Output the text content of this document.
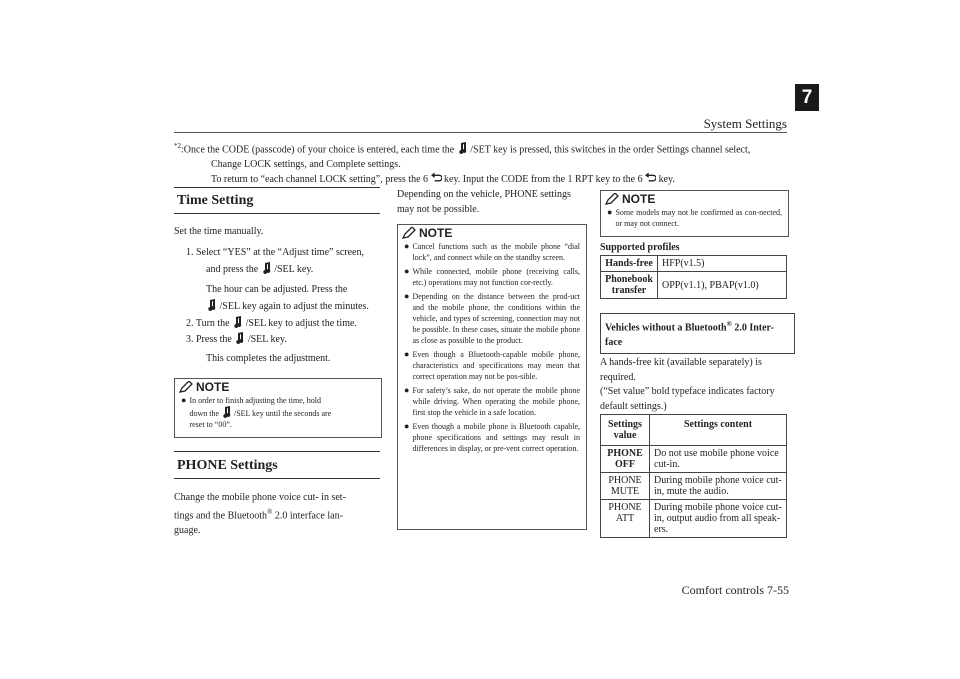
System Settings
7
$^{*2}$:Once the CODE (passcode) of your choice is entered, each time the  /SET key is pressed, this switches in the order Settings channel select,
Change LOCK settings, and Complete settings.
To return to “each channel LOCK setting”, press the 6  key. Input the CODE from the 1 RPT key to the 6  key.
Time Setting
Set the time manually.
1. Select “YES” at the “Adjust time” screen,
and press the /SEL key.
The hour can be adjusted. Press the
/SEL key again to adjust the minutes.
2. Turn the /SEL key to adjust the time.
3. Press the /SEL key.
This completes the adjustment.
NOTE
● In order to finish adjusting the time, hold
down the /SEL key until the seconds are
reset to “00”.
PHONE Settings
Change the mobile phone voice cut- in set-
tings and the Bluetooth® 2.0 interface lan-
guage.
Depending on the vehicle, PHONE settings may not be possible.
NOTE
● Cancel functions such as the mobile phone “dial lock”, and connect while on the standby screen.
● While connected, mobile phone (receiving calls, etc.) operations may not function cor-rectly.
● Depending on the distance between the prod-uct and the mobile phone, the conditions within the vehicle, and types of screening, connection may not be possible. In these cases, situate the mobile phone as close as possible to the product.
● Even though a Bluetooth-capable mobile phone, characteristics and specifications may mean that correct operation may not be pos-sible.
● For safety’s sake, do not operate the mobile phone while driving. When operating the mobile phone, first stop the vehicle in a safe location.
● Even though a mobile phone is Bluetooth capable, phone specifications and settings may result in differences in display, or pre-vent correct operation.
NOTE
● Some models may not be confirmed as con-nected, or may not connect.
Supported profiles
Hands-free	HFP(v1.5)
Phonebook transfer	OPP(v1.1), PBAP(v1.0)
Vehicles without a Bluetooth® 2.0 Inter-face
A hands-free kit (available separately) is required.
(“Set value” bold typeface indicates factory default settings.)
Settings value	Settings content
PHONE OFF	Do not use mobile phone voice cut-in.
PHONE MUTE	During mobile phone voice cut-in, mute the audio.
PHONE ATT	During mobile phone voice cut-in, output audio from all speak-ers.
Comfort controls 7-55
